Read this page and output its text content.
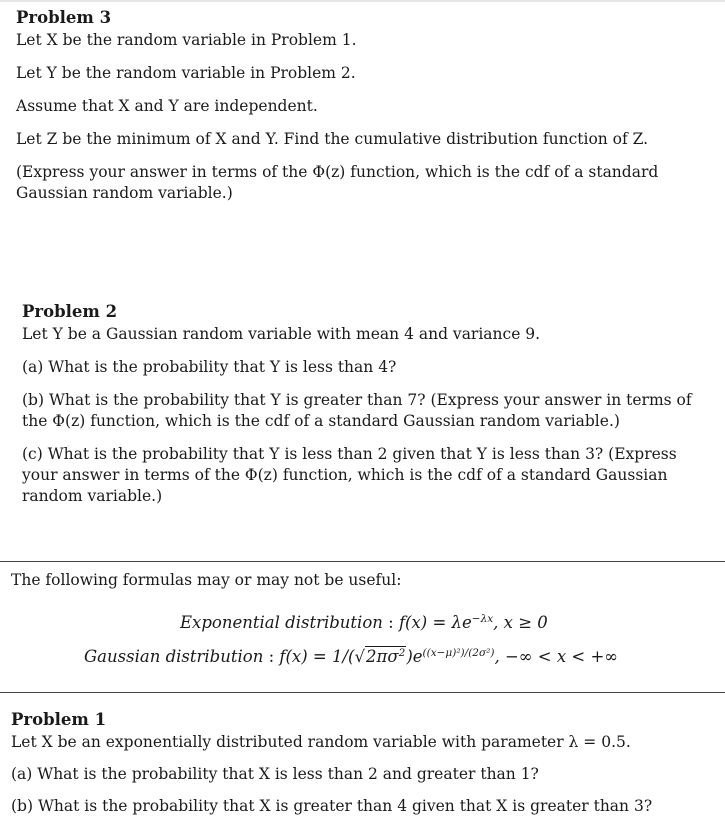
Problem 3

Let X be the random variable in Problem 1.

Let Y be the random variable in Problem 2.

Assume that X and Y are independent.

Let Z be the minimum of X and Y. Find the cumulative distribution function of Z.

(Express your answer in terms of the Φ(z) function, which is the cdf of a standard Gaussian random variable.)

Problem 2

Let Y be a Gaussian random variable with mean 4 and variance 9.

(a) What is the probability that Y is less than 4?

(b) What is the probability that Y is greater than 7? (Express your answer in terms of the Φ(z) function, which is the cdf of a standard Gaussian random variable.)

(c) What is the probability that Y is less than 2 given that Y is less than 3? (Express your answer in terms of the Φ(z) function, which is the cdf of a standard Gaussian random variable.)

The following formulas may or may not be useful:

Exponential distribution : $f(x) = \lambda e^{-\lambda x}$, x ≥ 0
Gaussian distribution : $f(x) = 1/(√2\pi\sigma^2)e^{((x-\mu)^2)/(2\sigma^2)}$, −∞ < x < +∞
Problem 1

Let X be an exponentially distributed random variable with parameter λ = 0.5.

(a) What is the probability that X is less than 2 and greater than 1?

(b) What is the probability that X is greater than 4 given that X is greater than 3?
